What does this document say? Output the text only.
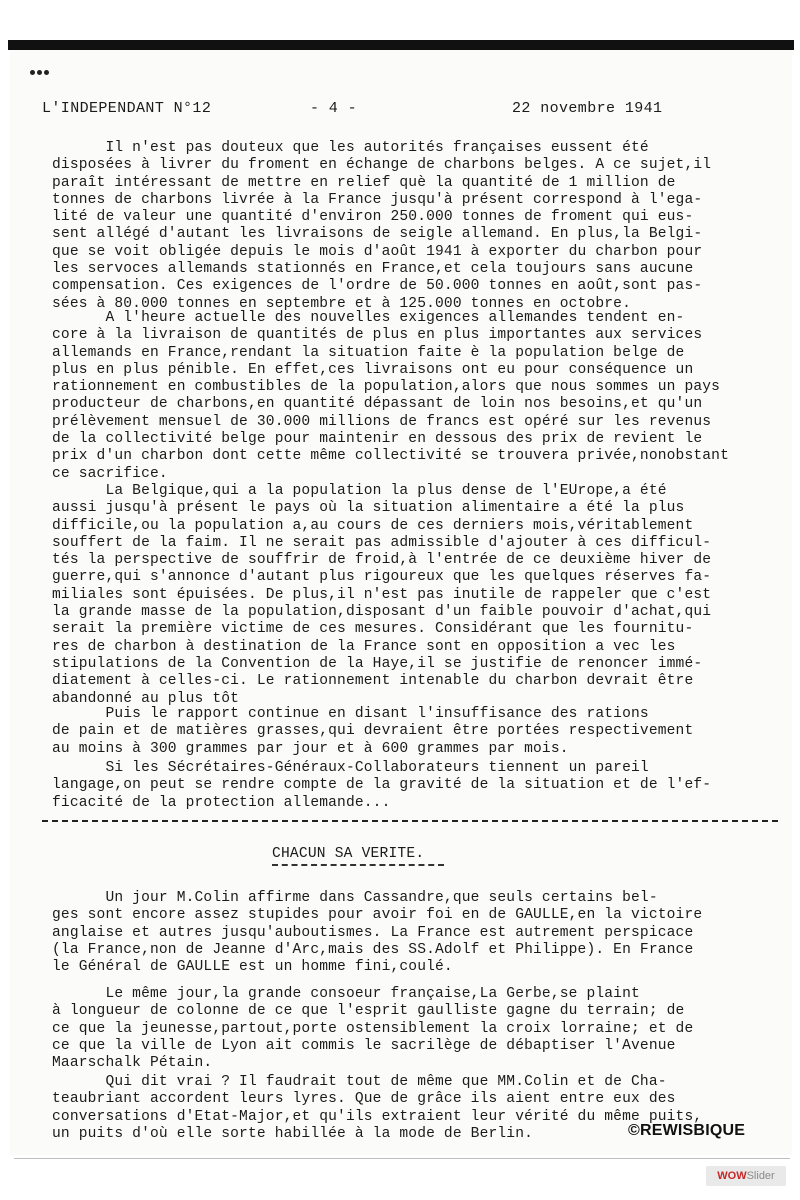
L'INDEPENDANT N°12	- 4 -	22 novembre 1941

Il n'est pas douteux que les autorités françaises eussent été

disposées à livrer du froment en échange de charbons belges. A ce sujet,il

paraît intéressant de mettre en relief què la quantité de 1 million de

tonnes de charbons livrée à la France jusqu'à présent correspond à l'ega-

lité de valeur une quantité d'environ 250.000 tonnes de froment qui eus-

sent allégé d'autant les livraisons de seigle allemand. En plus,la Belgi-

que se voit obligée depuis le mois d'août 1941 à exporter du charbon pour

les servoces allemands stationnés en France,et cela toujours sans aucune

compensation. Ces exigences de l'ordre de 50.000 tonnes en août,sont pas-

sées à 80.000 tonnes en septembre et à 125.000 tonnes en octobre.

A l'heure actuelle des nouvelles exigences allemandes tendent en-

core à la livraison de quantités de plus en plus importantes aux services

allemands en France,rendant la situation faite è la population belge de

plus en plus pénible. En effet,ces livraisons ont eu pour conséquence un

rationnement en combustibles de la population,alors que nous sommes un pays

producteur de charbons,en quantité dépassant de loin nos besoins,et qu'un

prélèvement mensuel de 30.000 millions de francs est opéré sur les revenus

de la collectivité belge pour maintenir en dessous des prix de revient le

prix d'un charbon dont cette même collectivité se trouvera privée,nonobstant

ce sacrifice.

La Belgique,qui a la population la plus dense de l'EUrope,a été

aussi jusqu'à présent le pays où la situation alimentaire a été la plus

difficile,ou la population a,au cours de ces derniers mois,véritablement

souffert de la faim. Il ne serait pas admissible d'ajouter à ces difficul-

tés la perspective de souffrir de froid,à l'entrée de ce deuxième hiver de

guerre,qui s'annonce d'autant plus rigoureux que les quelques réserves fa-

miliales sont épuisées. De plus,il n'est pas inutile de rappeler que c'est

la grande masse de la population,disposant d'un faible pouvoir d'achat,qui

serait la première victime de ces mesures. Considérant que les fournitu-

res de charbon à destination de la France sont en opposition a vec les

stipulations de la Convention de la Haye,il se justifie de renoncer immé-

diatement à celles-ci. Le rationnement intenable du charbon devrait être

abandonné au plus tôt

Puis le rapport continue en disant l'insuffisance des rations

de pain et de matières grasses,qui devraient être portées respectivement

au moins à 300 grammes par jour et à 600 grammes par mois.

Si les Sécrétaires-Généraux-Collaborateurs tiennent un pareil

langage,on peut se rendre compte de la gravité de la situation et de l'ef-

ficacité de la protection allemande...

CHACUN SA VERITE.

Un jour M.Colin affirme dans Cassandre,que seuls certains bel-

ges sont encore assez stupides pour avoir foi en de GAULLE,en la victoire

anglaise et autres jusqu'auboutismes. La France est autrement perspicace

(la France,non de Jeanne d'Arc,mais des SS.Adolf et Philippe). En France

le Général de GAULLE est un homme fini,coulé.

Le même jour,la grande consoeur française,La Gerbe,se plaint

à longueur de colonne de ce que l'esprit gaulliste gagne du terrain; de

ce que la jeunesse,partout,porte ostensiblement la croix lorraine; et de

ce que la ville de Lyon ait commis le sacrilège de débaptiser l'Avenue

Maarschalk Pétain.

Qui dit vrai ? Il faudrait tout de même que MM.Colin et de Cha-

teaubriant accordent leurs lyres. Que de grâce ils aient entre eux des

conversations d'Etat-Major,et qu'ils extraient leur vérité du même puits,

un puits d'où elle sorte habillée à la mode de Berlin.	©REWISBIQUE
WOWSlider
